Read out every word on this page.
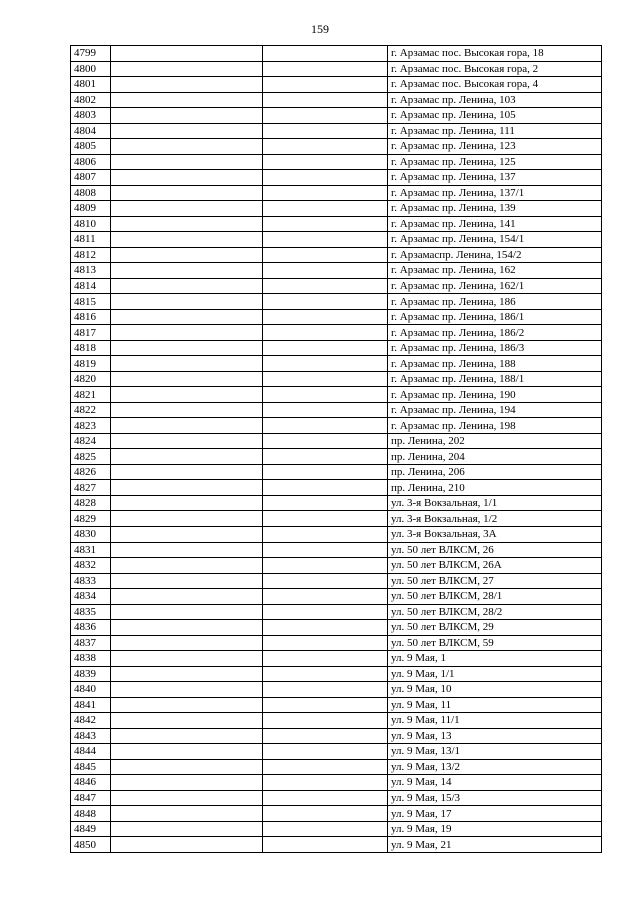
159
4799			г. Арзамас пос. Высокая гора, 18
4800			г. Арзамас пос. Высокая гора, 2
4801			г. Арзамас пос. Высокая гора, 4
4802			г. Арзамас пр. Ленина, 103
4803			г. Арзамас пр. Ленина, 105
4804			г. Арзамас пр. Ленина, 111
4805			г. Арзамас пр. Ленина, 123
4806			г. Арзамас пр. Ленина, 125
4807			г. Арзамас пр. Ленина, 137
4808			г. Арзамас пр. Ленина, 137/1
4809			г. Арзамас пр. Ленина, 139
4810			г. Арзамас пр. Ленина, 141
4811			г. Арзамас пр. Ленина, 154/1
4812			г. Арзамаспр. Ленина, 154/2
4813			г. Арзамас пр. Ленина, 162
4814			г. Арзамас пр. Ленина, 162/1
4815			г. Арзамас пр. Ленина, 186
4816			г. Арзамас пр. Ленина, 186/1
4817			г. Арзамас пр. Ленина, 186/2
4818			г. Арзамас пр. Ленина, 186/3
4819			г. Арзамас пр. Ленина, 188
4820			г. Арзамас пр. Ленина, 188/1
4821			г. Арзамас пр. Ленина, 190
4822			г. Арзамас пр. Ленина, 194
4823			г. Арзамас пр. Ленина, 198
4824			пр. Ленина, 202
4825			пр. Ленина, 204
4826			пр. Ленина, 206
4827			пр. Ленина, 210
4828			ул. 3-я Вокзальная, 1/1
4829			ул. 3-я Вокзальная, 1/2
4830			ул. 3-я Вокзальная, 3А
4831			ул. 50 лет ВЛКСМ, 26
4832			ул. 50 лет ВЛКСМ, 26А
4833			ул. 50 лет ВЛКСМ, 27
4834			ул. 50 лет ВЛКСМ, 28/1
4835			ул. 50 лет ВЛКСМ, 28/2
4836			ул. 50 лет ВЛКСМ, 29
4837			ул. 50 лет ВЛКСМ, 59
4838			ул. 9 Мая, 1
4839			ул. 9 Мая, 1/1
4840			ул. 9 Мая, 10
4841			ул. 9 Мая, 11
4842			ул. 9 Мая, 11/1
4843			ул. 9 Мая, 13
4844			ул. 9 Мая, 13/1
4845			ул. 9 Мая, 13/2
4846			ул. 9 Мая, 14
4847			ул. 9 Мая, 15/3
4848			ул. 9 Мая, 17
4849			ул. 9 Мая, 19
4850			ул. 9 Мая, 21
